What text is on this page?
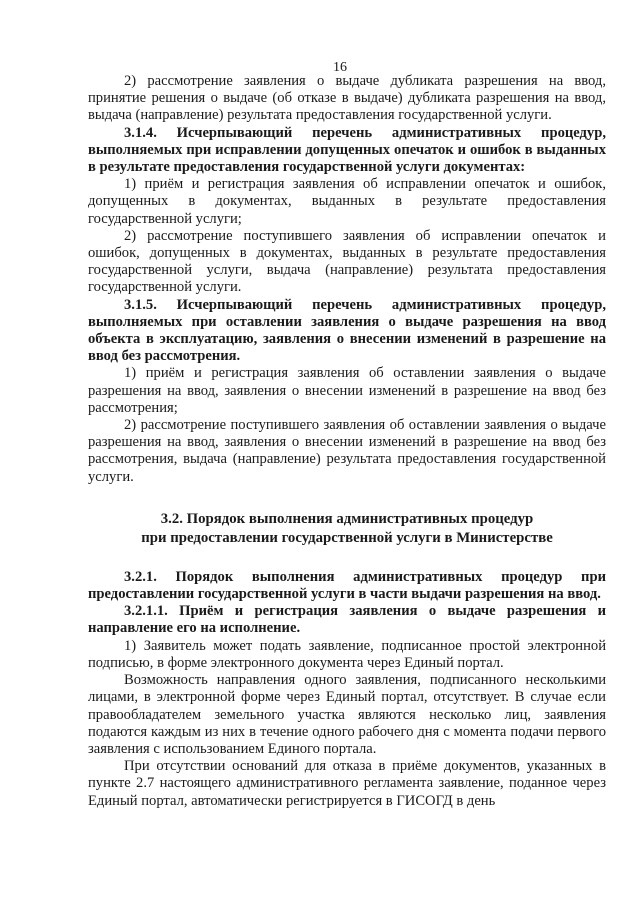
16

2) рассмотрение заявления о выдаче дубликата разрешения на ввод, принятие решения о выдаче (об отказе в выдаче) дубликата разрешения на ввод, выдача (направление) результата предоставления государственной услуги.

3.1.4. Исчерпывающий перечень административных процедур, выполняемых при исправлении допущенных опечаток и ошибок в выданных в результате предоставления государственной услуги документах:

1) приём и регистрация заявления об исправлении опечаток и ошибок, допущенных в документах, выданных в результате предоставления государственной услуги;

2) рассмотрение поступившего заявления об исправлении опечаток и ошибок, допущенных в документах, выданных в результате предоставления государственной услуги, выдача (направление) результата предоставления государственной услуги.

3.1.5. Исчерпывающий перечень административных процедур, выполняемых при оставлении заявления о выдаче разрешения на ввод объекта в эксплуатацию, заявления о внесении изменений в разрешение на ввод без рассмотрения.

1) приём и регистрация заявления об оставлении заявления о выдаче разрешения на ввод, заявления о внесении изменений в разрешение на ввод без рассмотрения;

2) рассмотрение поступившего заявления об оставлении заявления о выдаче разрешения на ввод, заявления о внесении изменений в разрешение на ввод без рассмотрения, выдача (направление) результата предоставления государственной услуги.

3.2. Порядок выполнения административных процедур

при предоставлении государственной услуги в Министерстве

3.2.1. Порядок выполнения административных процедур при предоставлении государственной услуги в части выдачи разрешения на ввод.

3.2.1.1. Приём и регистрация заявления о выдаче разрешения и направление его на исполнение.

1) Заявитель может подать заявление, подписанное простой электронной подписью, в форме электронного документа через Единый портал.

Возможность направления одного заявления, подписанного несколькими лицами, в электронной форме через Единый портал, отсутствует. В случае если правообладателем земельного участка являются несколько лиц, заявления подаются каждым из них в течение одного рабочего дня с момента подачи первого заявления с использованием Единого портала.

При отсутствии оснований для отказа в приёме документов, указанных в пункте 2.7 настоящего административного регламента заявление, поданное через Единый портал, автоматически регистрируется в ГИСОГД в день
